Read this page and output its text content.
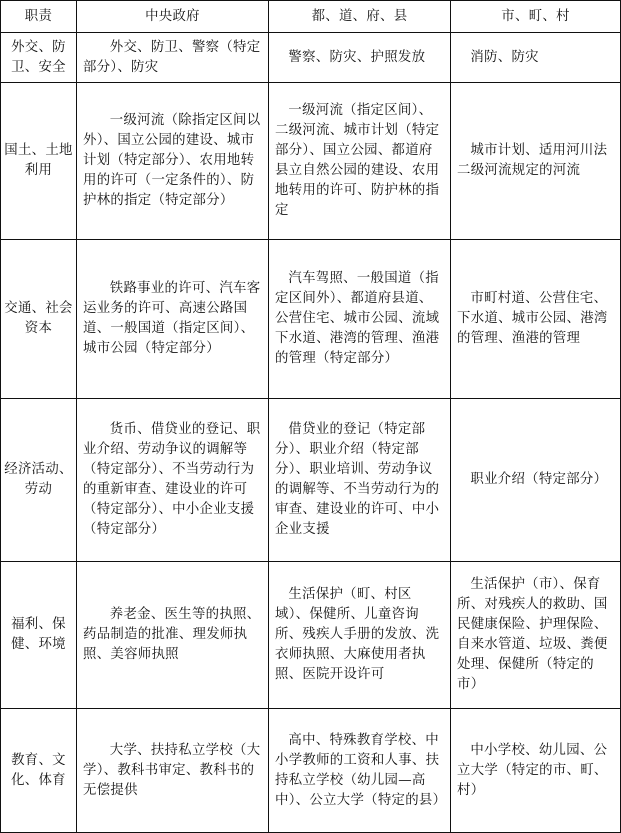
职责	中央政府	都、道、府、县	市、町、村
外交、防卫、安全	外交、防卫、警察（特定部分）、防灾	警察、防灾、护照发放	消防、防灾

国土、土地利用	一级河流（除指定区间以外）、国立公园的建设、城市计划（特定部分）、农用地转用的许可（一定条件的）、防护林的指定（特定部分）	一级河流（指定区间）、二级河流、城市计划（特定部分）、国立公园、都道府县立自然公园的建设、农用地转用的许可、防护林的指定	城市计划、适用河川法二级河流规定的河流

交通、社会资本	铁路事业的许可、汽车客运业务的许可、高速公路国道、一般国道（指定区间）、城市公园（特定部分）	汽车驾照、一般国道（指定区间外）、都道府县道、公营住宅、城市公园、流域下水道、港湾的管理、渔港的管理（特定部分）	市町村道、公营住宅、下水道、城市公园、港湾的管理、渔港的管理

经济活动、劳动	货币、借贷业的登记、职业介绍、劳动争议的调解等（特定部分）、不当劳动行为的重新审查、建设业的许可（特定部分）、中小企业支援（特定部分）	借贷业的登记（特定部分）、职业介绍（特定部分）、职业培训、劳动争议的调解等、不当劳动行为的审查、建设业的许可、中小企业支援	职业介绍（特定部分）

福利、保健、环境	养老金、医生等的执照、药品制造的批准、理发师执照、美容师执照	生活保护（町、村区域）、保健所、儿童咨询所、残疾人手册的发放、洗衣师执照、大麻使用者执照、医院开设许可	生活保护（市）、保育所、对残疾人的救助、国民健康保险、护理保险、自来水管道、垃圾、粪便处理、保健所（特定的市）

教育、文化、体育	大学、扶持私立学校（大学）、教科书审定、教科书的无偿提供	高中、特殊教育学校、中小学教师的工资和人事、扶持私立学校（幼儿园—高中）、公立大学（特定的县）	中小学校、幼儿园、公立大学（特定的市、町、村）
